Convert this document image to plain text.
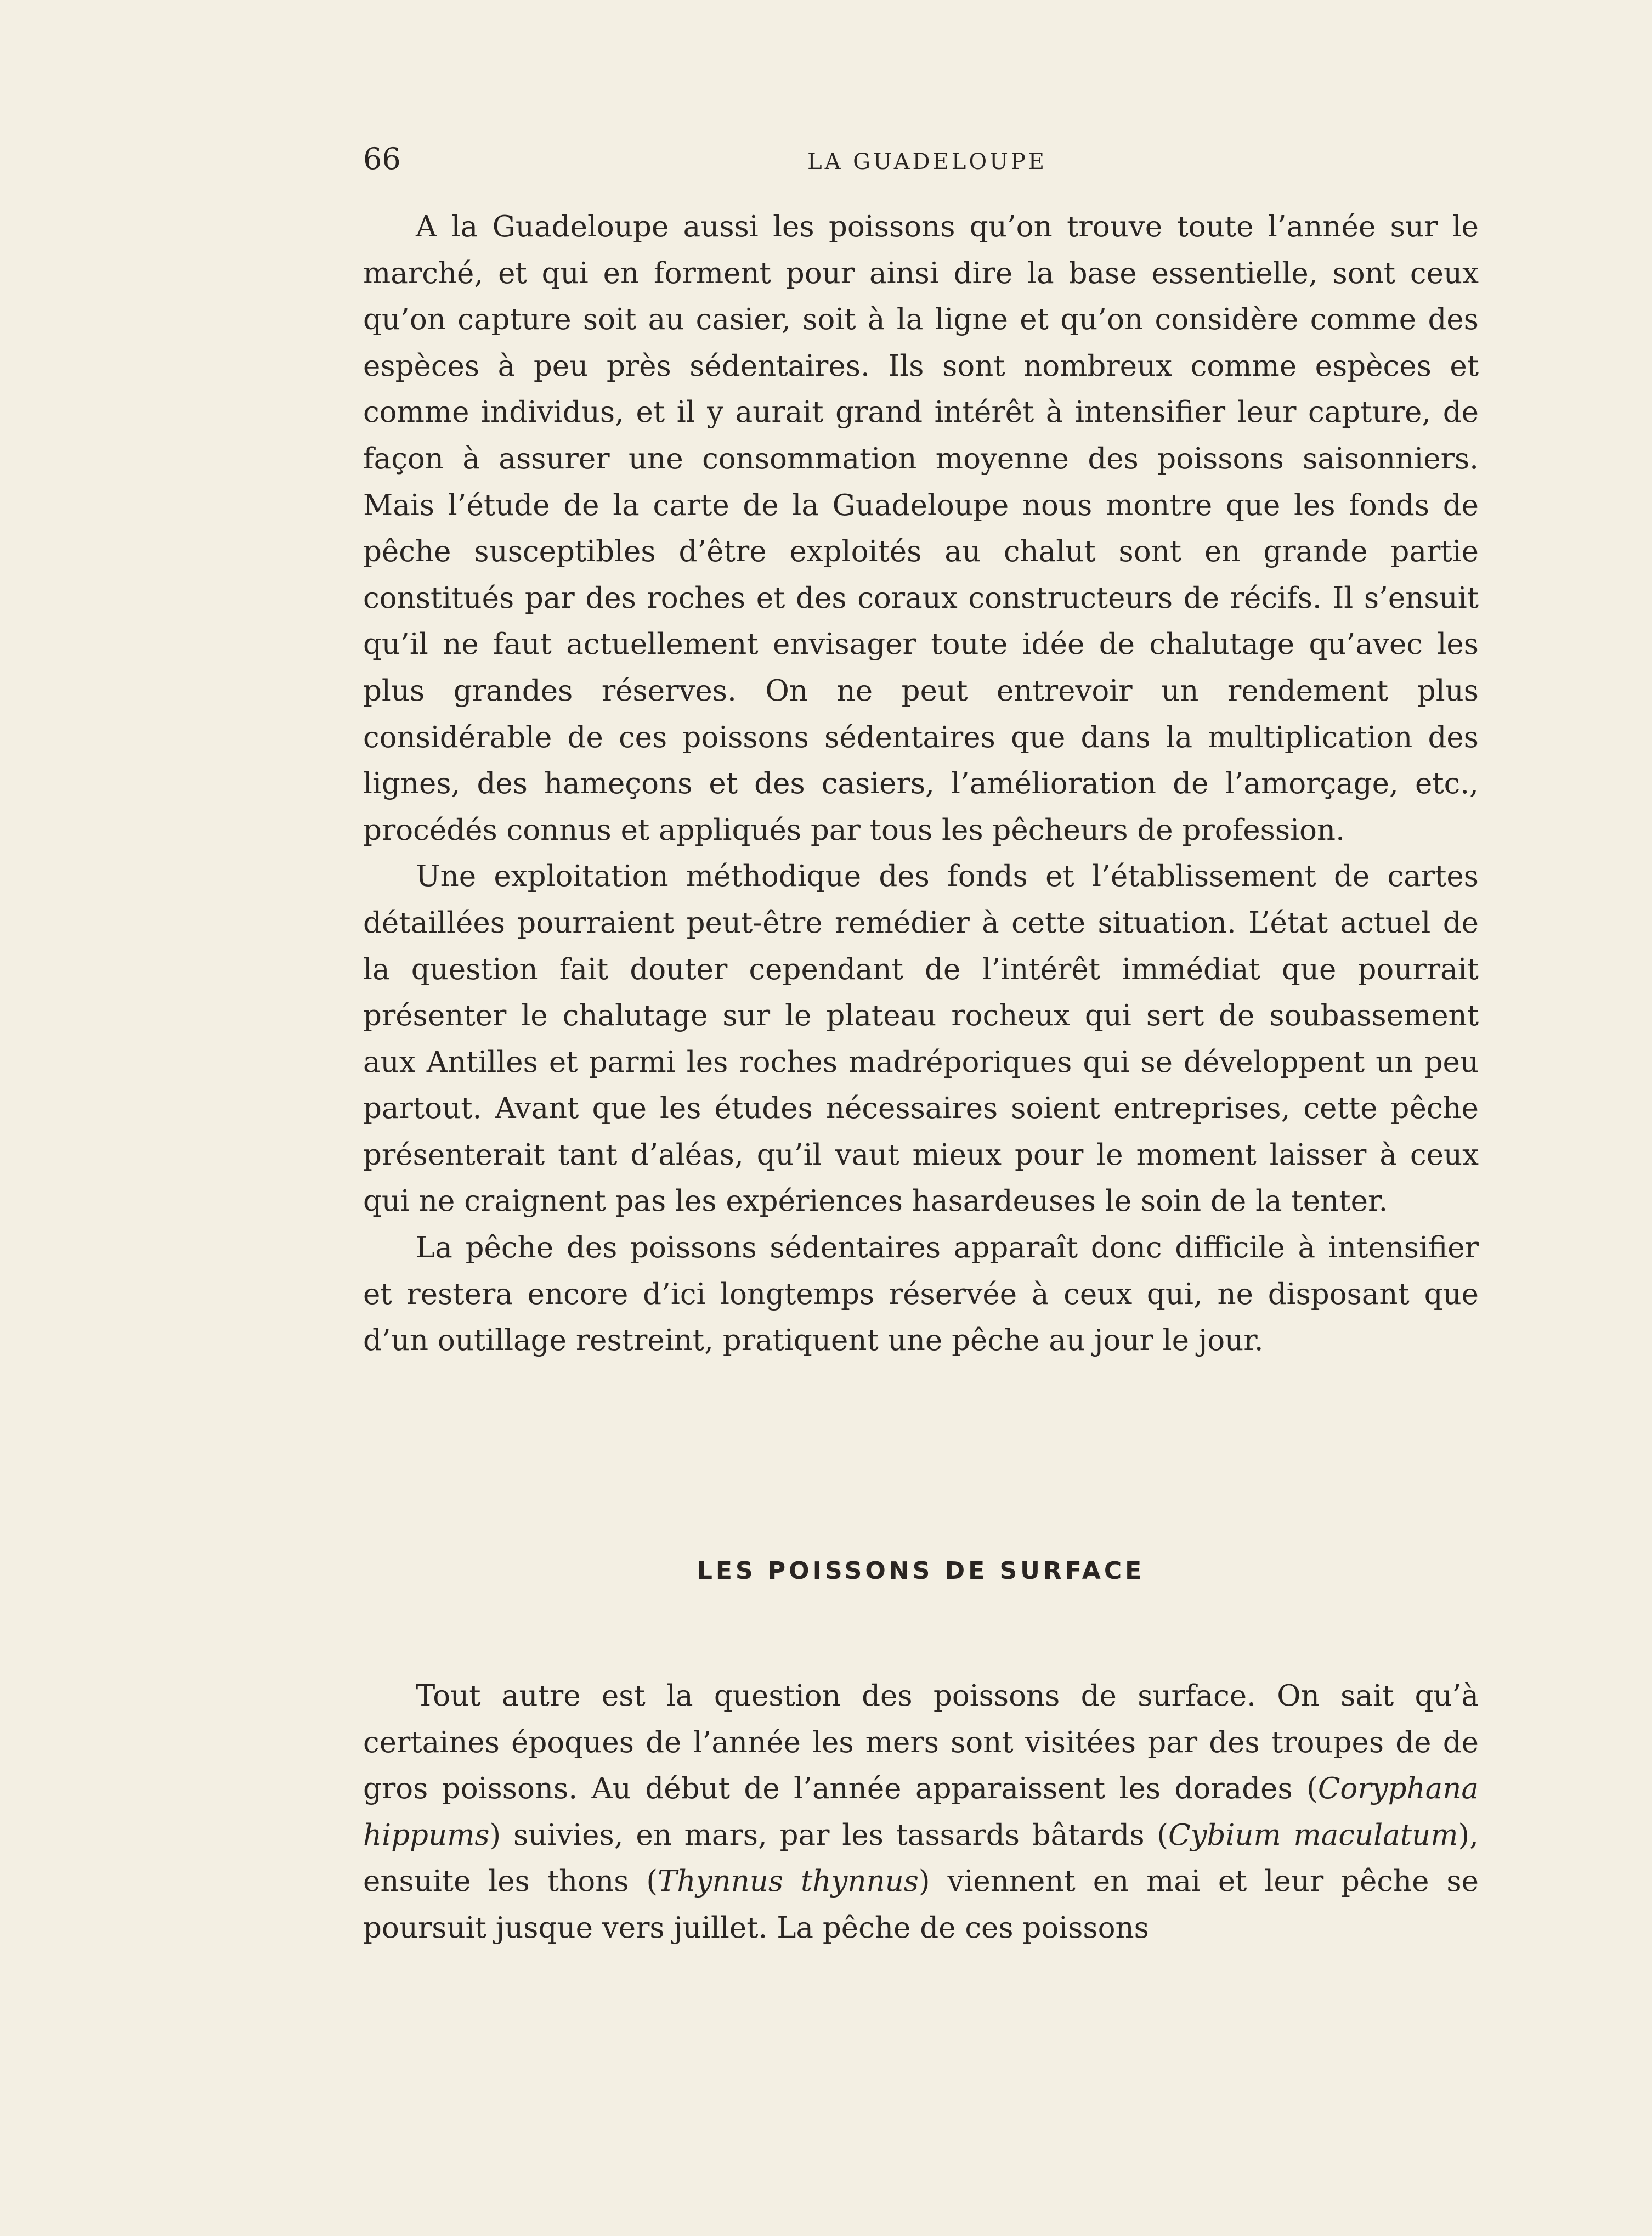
66	LA GUADELOUPE

A la Guadeloupe aussi les poissons qu’on trouve toute l’année sur le marché, et qui en forment pour ainsi dire la base essentielle, sont ceux qu’on capture soit au casier, soit à la ligne et qu’on considère comme des espèces à peu près sédentaires. Ils sont nombreux comme espèces et comme individus, et il y aurait grand intérêt à intensifier leur capture, de façon à assurer une consommation moyenne des poissons saisonniers. Mais l’étude de la carte de la Guadeloupe nous montre que les fonds de pêche susceptibles d’être exploités au chalut sont en grande partie constitués par des roches et des coraux constructeurs de récifs. Il s’ensuit qu’il ne faut actuellement envisager toute idée de chalutage qu’avec les plus grandes réserves. On ne peut entrevoir un rendement plus considérable de ces poissons sédentaires que dans la multiplication des lignes, des hameçons et des casiers, l’amélioration de l’amorçage, etc., procédés connus et appliqués par tous les pêcheurs de profession.

Une exploitation méthodique des fonds et l’établissement de cartes détaillées pourraient peut-être remédier à cette situation. L’état actuel de la question fait douter cependant de l’intérêt immédiat que pourrait présenter le chalutage sur le plateau rocheux qui sert de soubassement aux Antilles et parmi les roches madréporiques qui se développent un peu partout. Avant que les études nécessaires soient entreprises, cette pêche présenterait tant d’aléas, qu’il vaut mieux pour le moment laisser à ceux qui ne craignent pas les expériences hasardeuses le soin de la tenter.

La pêche des poissons sédentaires apparaît donc difficile à intensifier et restera encore d’ici longtemps réservée à ceux qui, ne disposant que d’un outillage restreint, pratiquent une pêche au jour le jour.

LES POISSONS DE SURFACE

Tout autre est la question des poissons de surface. On sait qu’à certaines époques de l’année les mers sont visitées par des troupes de de gros poissons. Au début de l’année apparaissent les dorades (Coryphana hippums) suivies, en mars, par les tassards bâtards (Cybium maculatum), ensuite les thons (Thynnus thynnus) viennent en mai et leur pêche se poursuit jusque vers juillet. La pêche de ces poissons
